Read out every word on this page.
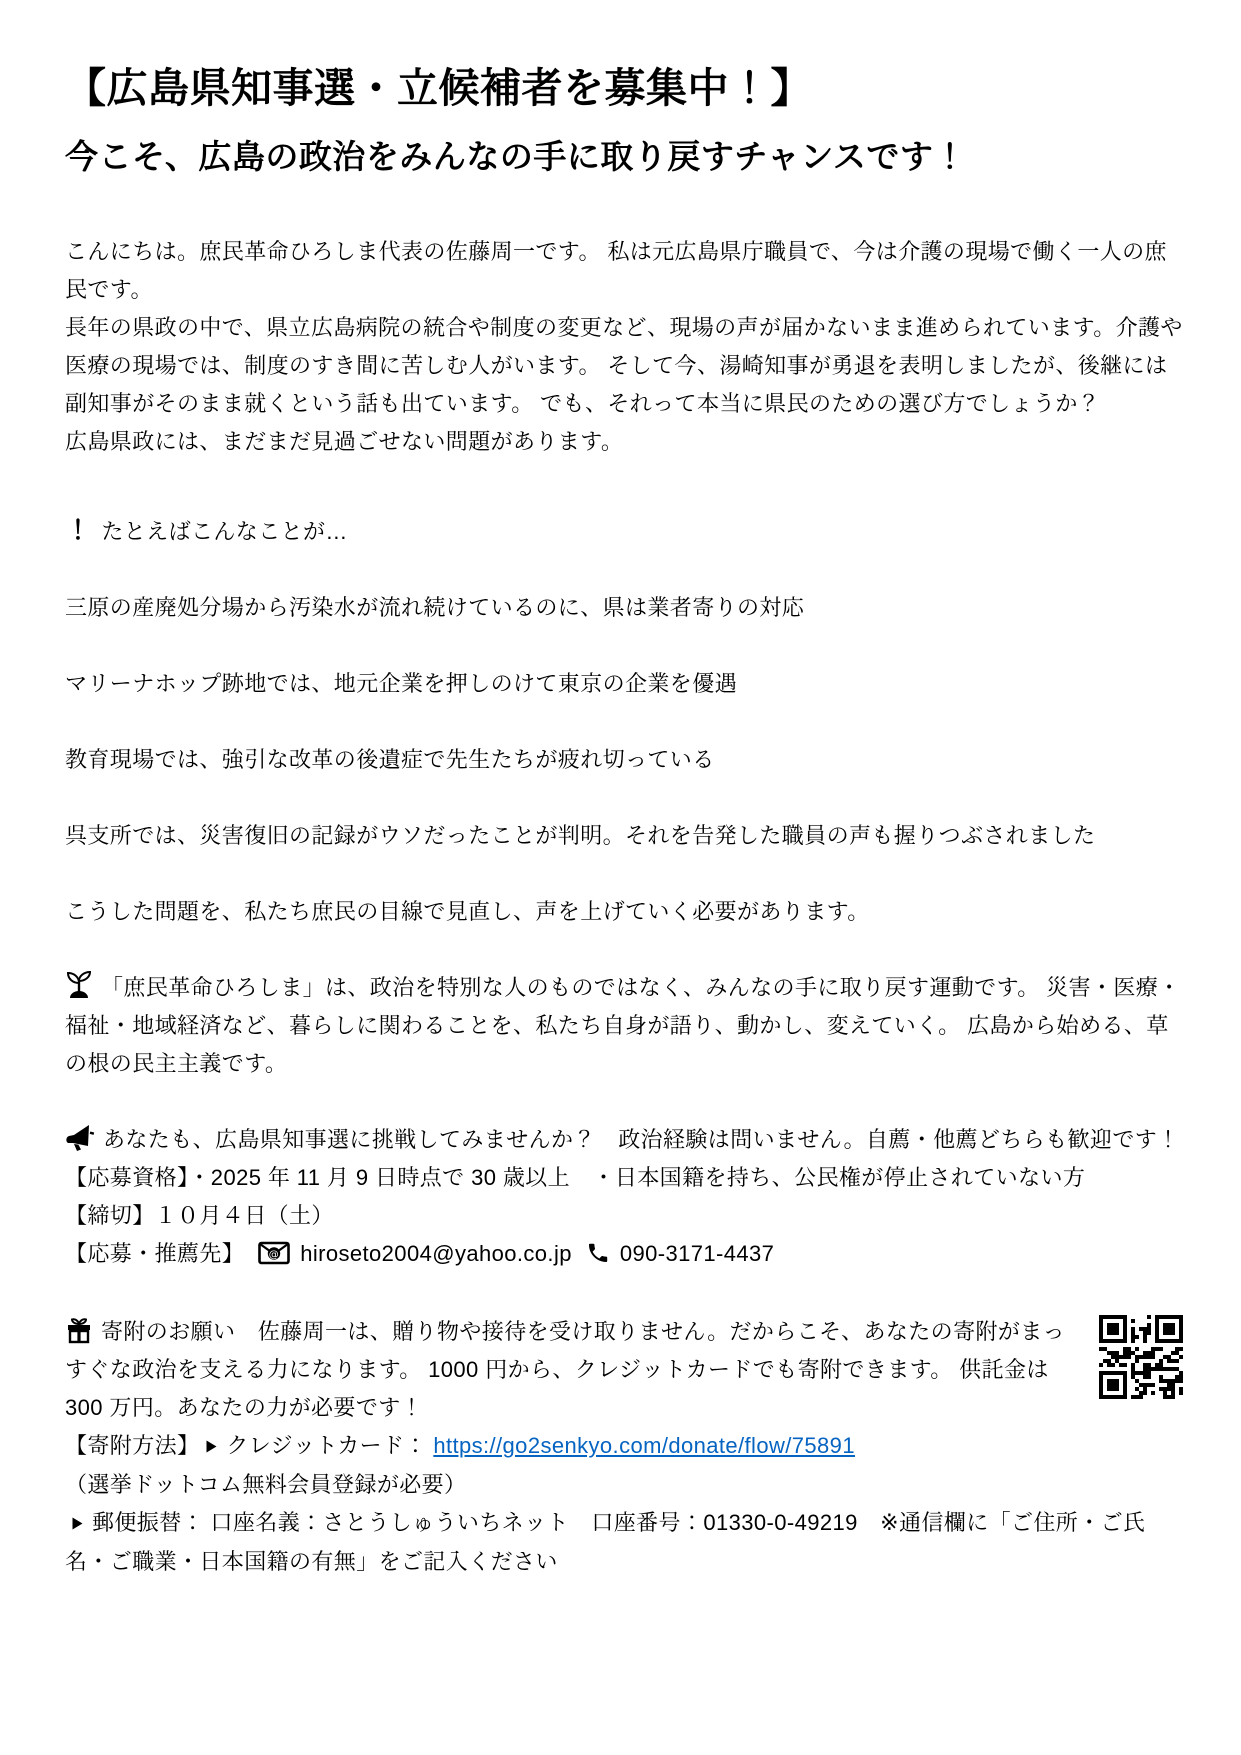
【広島県知事選・立候補者を募集中！】
今こそ、広島の政治をみんなの手に取り戻すチャンスです！

こんにちは。庶民革命ひろしま代表の佐藤周一です。 私は元広島県庁職員で、今は介護の現場で働く一人の庶民です。

長年の県政の中で、県立広島病院の統合や制度の変更など、現場の声が届かないまま進められています。介護や医療の現場では、制度のすき間に苦しむ人がいます。 そして今、湯崎知事が勇退を表明しましたが、後継には副知事がそのまま就くという話も出ています。 でも、それって本当に県民のための選び方でしょうか？

広島県政には、まだまだ見過ごせない問題があります。

！ たとえばこんなことが…

三原の産廃処分場から汚染水が流れ続けているのに、県は業者寄りの対応

マリーナホップ跡地では、地元企業を押しのけて東京の企業を優遇

教育現場では、強引な改革の後遺症で先生たちが疲れ切っている

呉支所では、災害復旧の記録がウソだったことが判明。それを告発した職員の声も握りつぶされました

こうした問題を、私たち庶民の目線で見直し、声を上げていく必要があります。

「庶民革命ひろしま」は、政治を特別な人のものではなく、みんなの手に取り戻す運動です。 災害・医療・福祉・地域経済など、暮らしに関わることを、私たち自身が語り、動かし、変えていく。 広島から始める、草の根の民主主義です。
あなたも、広島県知事選に挑戦してみませんか？　政治経験は問いません。自薦・他薦どちらも歓迎です！

【応募資格】・2025 年 11 月 9 日時点で 30 歳以上　・日本国籍を持ち、公民権が停止されていない方

【締切】１０月４日（土）

【応募・推薦先】 @ hiroseto2004@yahoo.co.jp 090-3171-4437

寄附のお願い　佐藤周一は、贈り物や接待を受け取りません。だからこそ、あなたの寄附がまっすぐな政治を支える力になります。 1000 円から、クレジットカードでも寄附できます。 供託金は 300 万円。あなたの力が必要です！

【寄附方法】 クレジットカード： https://go2senkyo.com/donate/flow/75891

（選挙ドットコム無料会員登録が必要）

郵便振替： 口座名義：さとうしゅういちネット　口座番号：01330-0-49219　※通信欄に「ご住所・ご氏名・ご職業・日本国籍の有無」をご記入ください
